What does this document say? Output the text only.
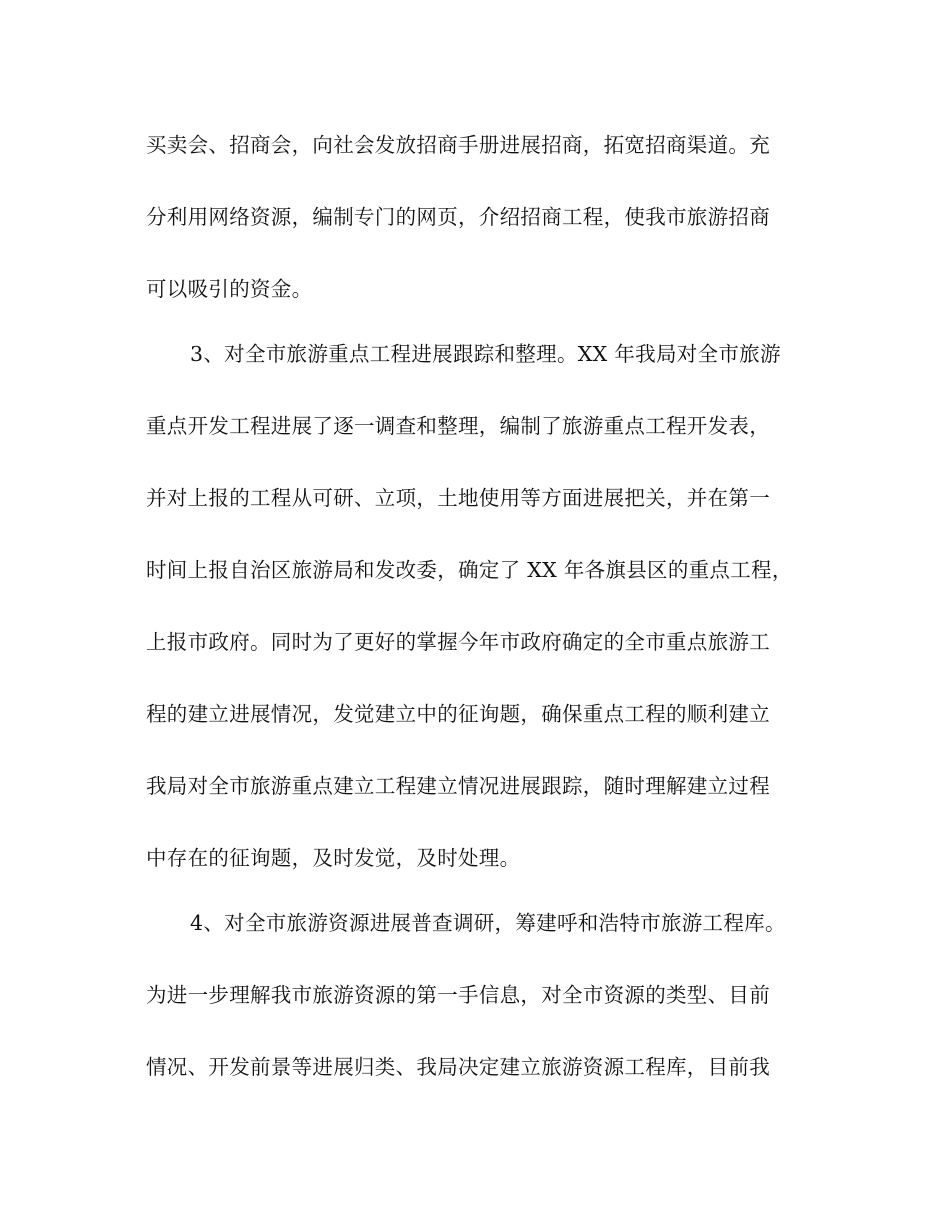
买卖会、招商会，向社会发放招商手册进展招商，拓宽招商渠道。充
分利用网络资源，编制专门的网页，介绍招商工程，使我市旅游招商
可以吸引的资金。
3、对全市旅游重点工程进展跟踪和整理。XX 年我局对全市旅游
重点开发工程进展了逐一调查和整理，编制了旅游重点工程开发表，
并对上报的工程从可研、立项，土地使用等方面进展把关，并在第一
时间上报自治区旅游局和发改委，确定了 XX 年各旗县区的重点工程，
上报市政府。同时为了更好的掌握今年市政府确定的全市重点旅游工
程的建立进展情况，发觉建立中的征询题，确保重点工程的顺利建立
我局对全市旅游重点建立工程建立情况进展跟踪，随时理解建立过程
中存在的征询题，及时发觉，及时处理。
4、对全市旅游资源进展普查调研，筹建呼和浩特市旅游工程库。
为进一步理解我市旅游资源的第一手信息，对全市资源的类型、目前
情况、开发前景等进展归类、我局决定建立旅游资源工程库，目前我
